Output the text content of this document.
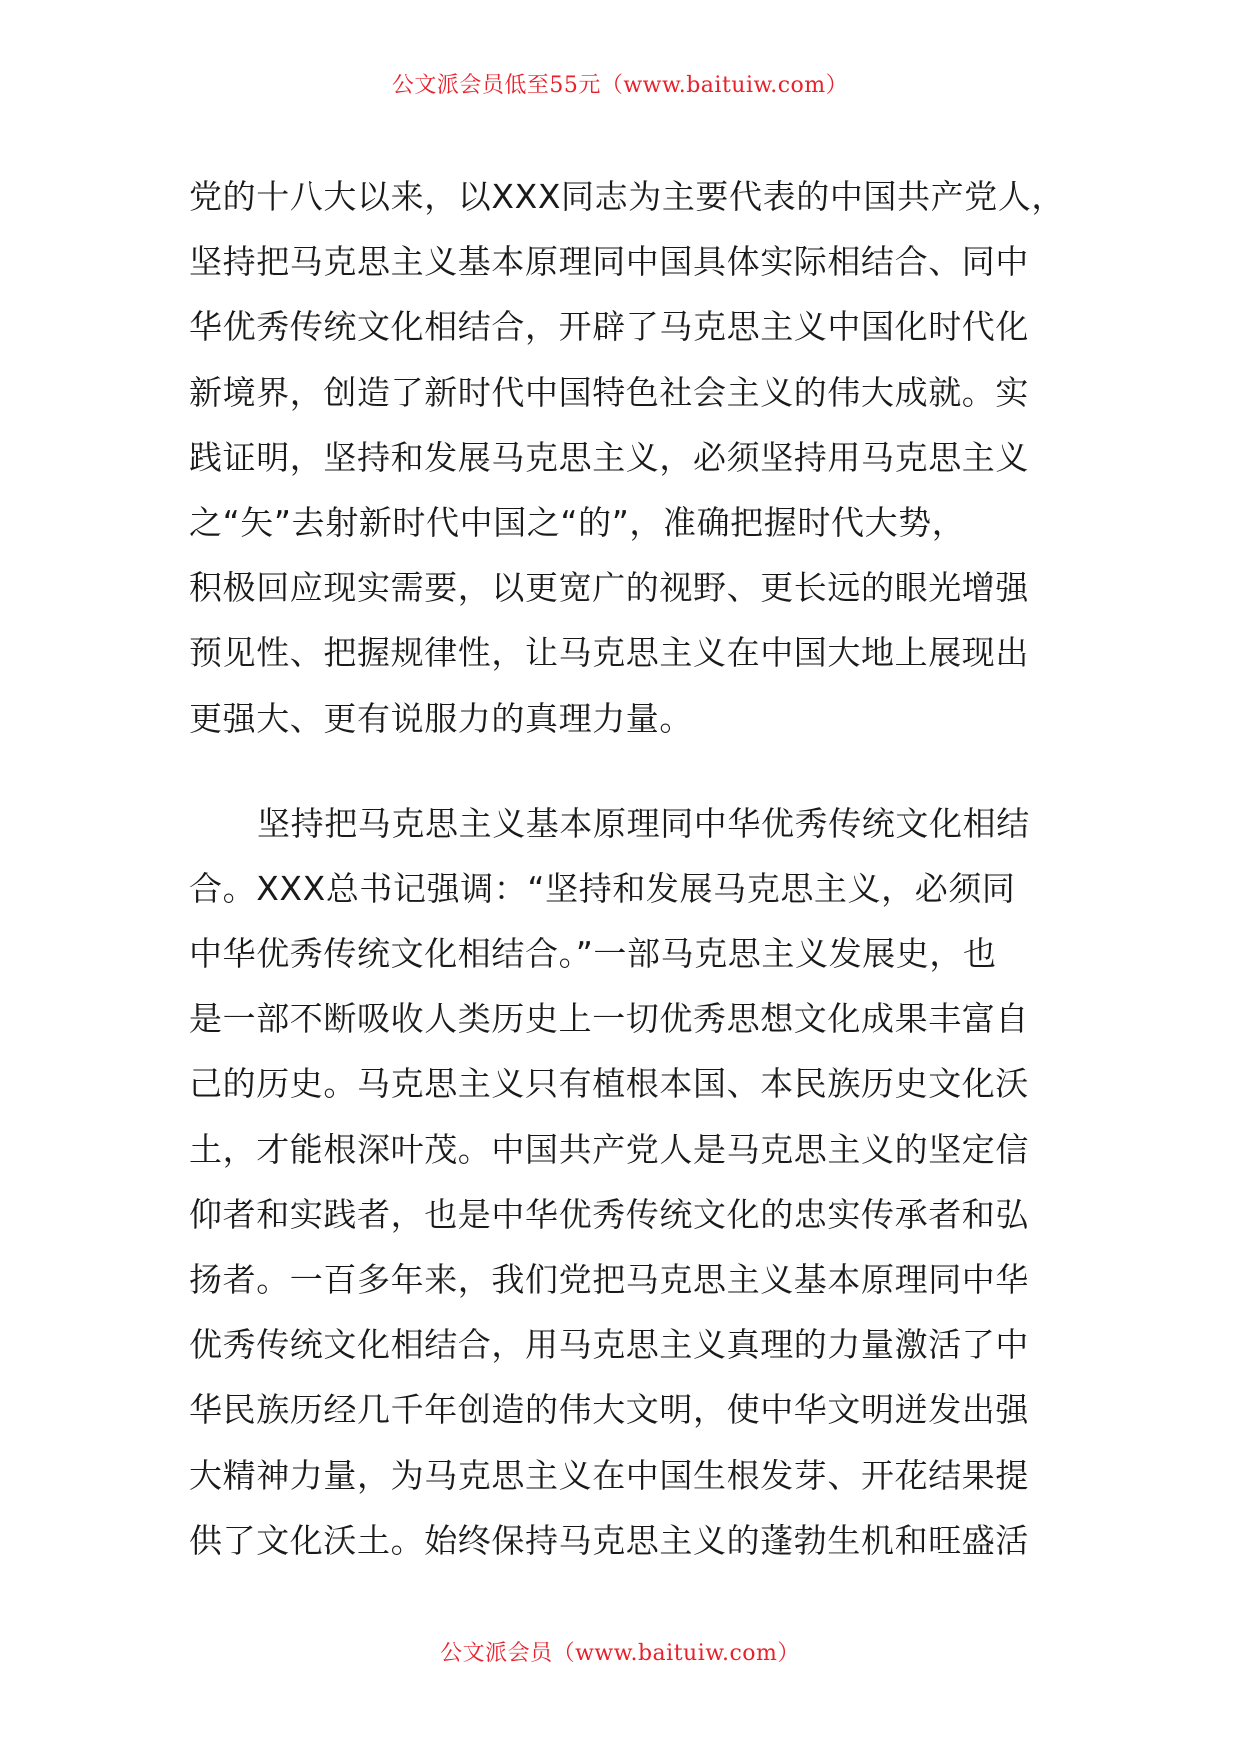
公文派会员低至55元（www.baituiw.com）
党的十八大以来，以XXX同志为主要代表的中国共产党人，
坚持把马克思主义基本原理同中国具体实际相结合、同中
华优秀传统文化相结合，开辟了马克思主义中国化时代化
新境界，创造了新时代中国特色社会主义的伟大成就。实
践证明，坚持和发展马克思主义，必须坚持用马克思主义
之“矢”去射新时代中国之“的”，准确把握时代大势，
积极回应现实需要，以更宽广的视野、更长远的眼光增强
预见性、把握规律性，让马克思主义在中国大地上展现出
更强大、更有说服力的真理力量。
坚持把马克思主义基本原理同中华优秀传统文化相结
合。XXX总书记强调：“坚持和发展马克思主义，必须同
中华优秀传统文化相结合。”一部马克思主义发展史，也
是一部不断吸收人类历史上一切优秀思想文化成果丰富自
己的历史。马克思主义只有植根本国、本民族历史文化沃
土，才能根深叶茂。中国共产党人是马克思主义的坚定信
仰者和实践者，也是中华优秀传统文化的忠实传承者和弘
扬者。一百多年来，我们党把马克思主义基本原理同中华
优秀传统文化相结合，用马克思主义真理的力量激活了中
华民族历经几千年创造的伟大文明，使中华文明迸发出强
大精神力量，为马克思主义在中国生根发芽、开花结果提
供了文化沃土。始终保持马克思主义的蓬勃生机和旺盛活
公文派会员（www.baituiw.com）
